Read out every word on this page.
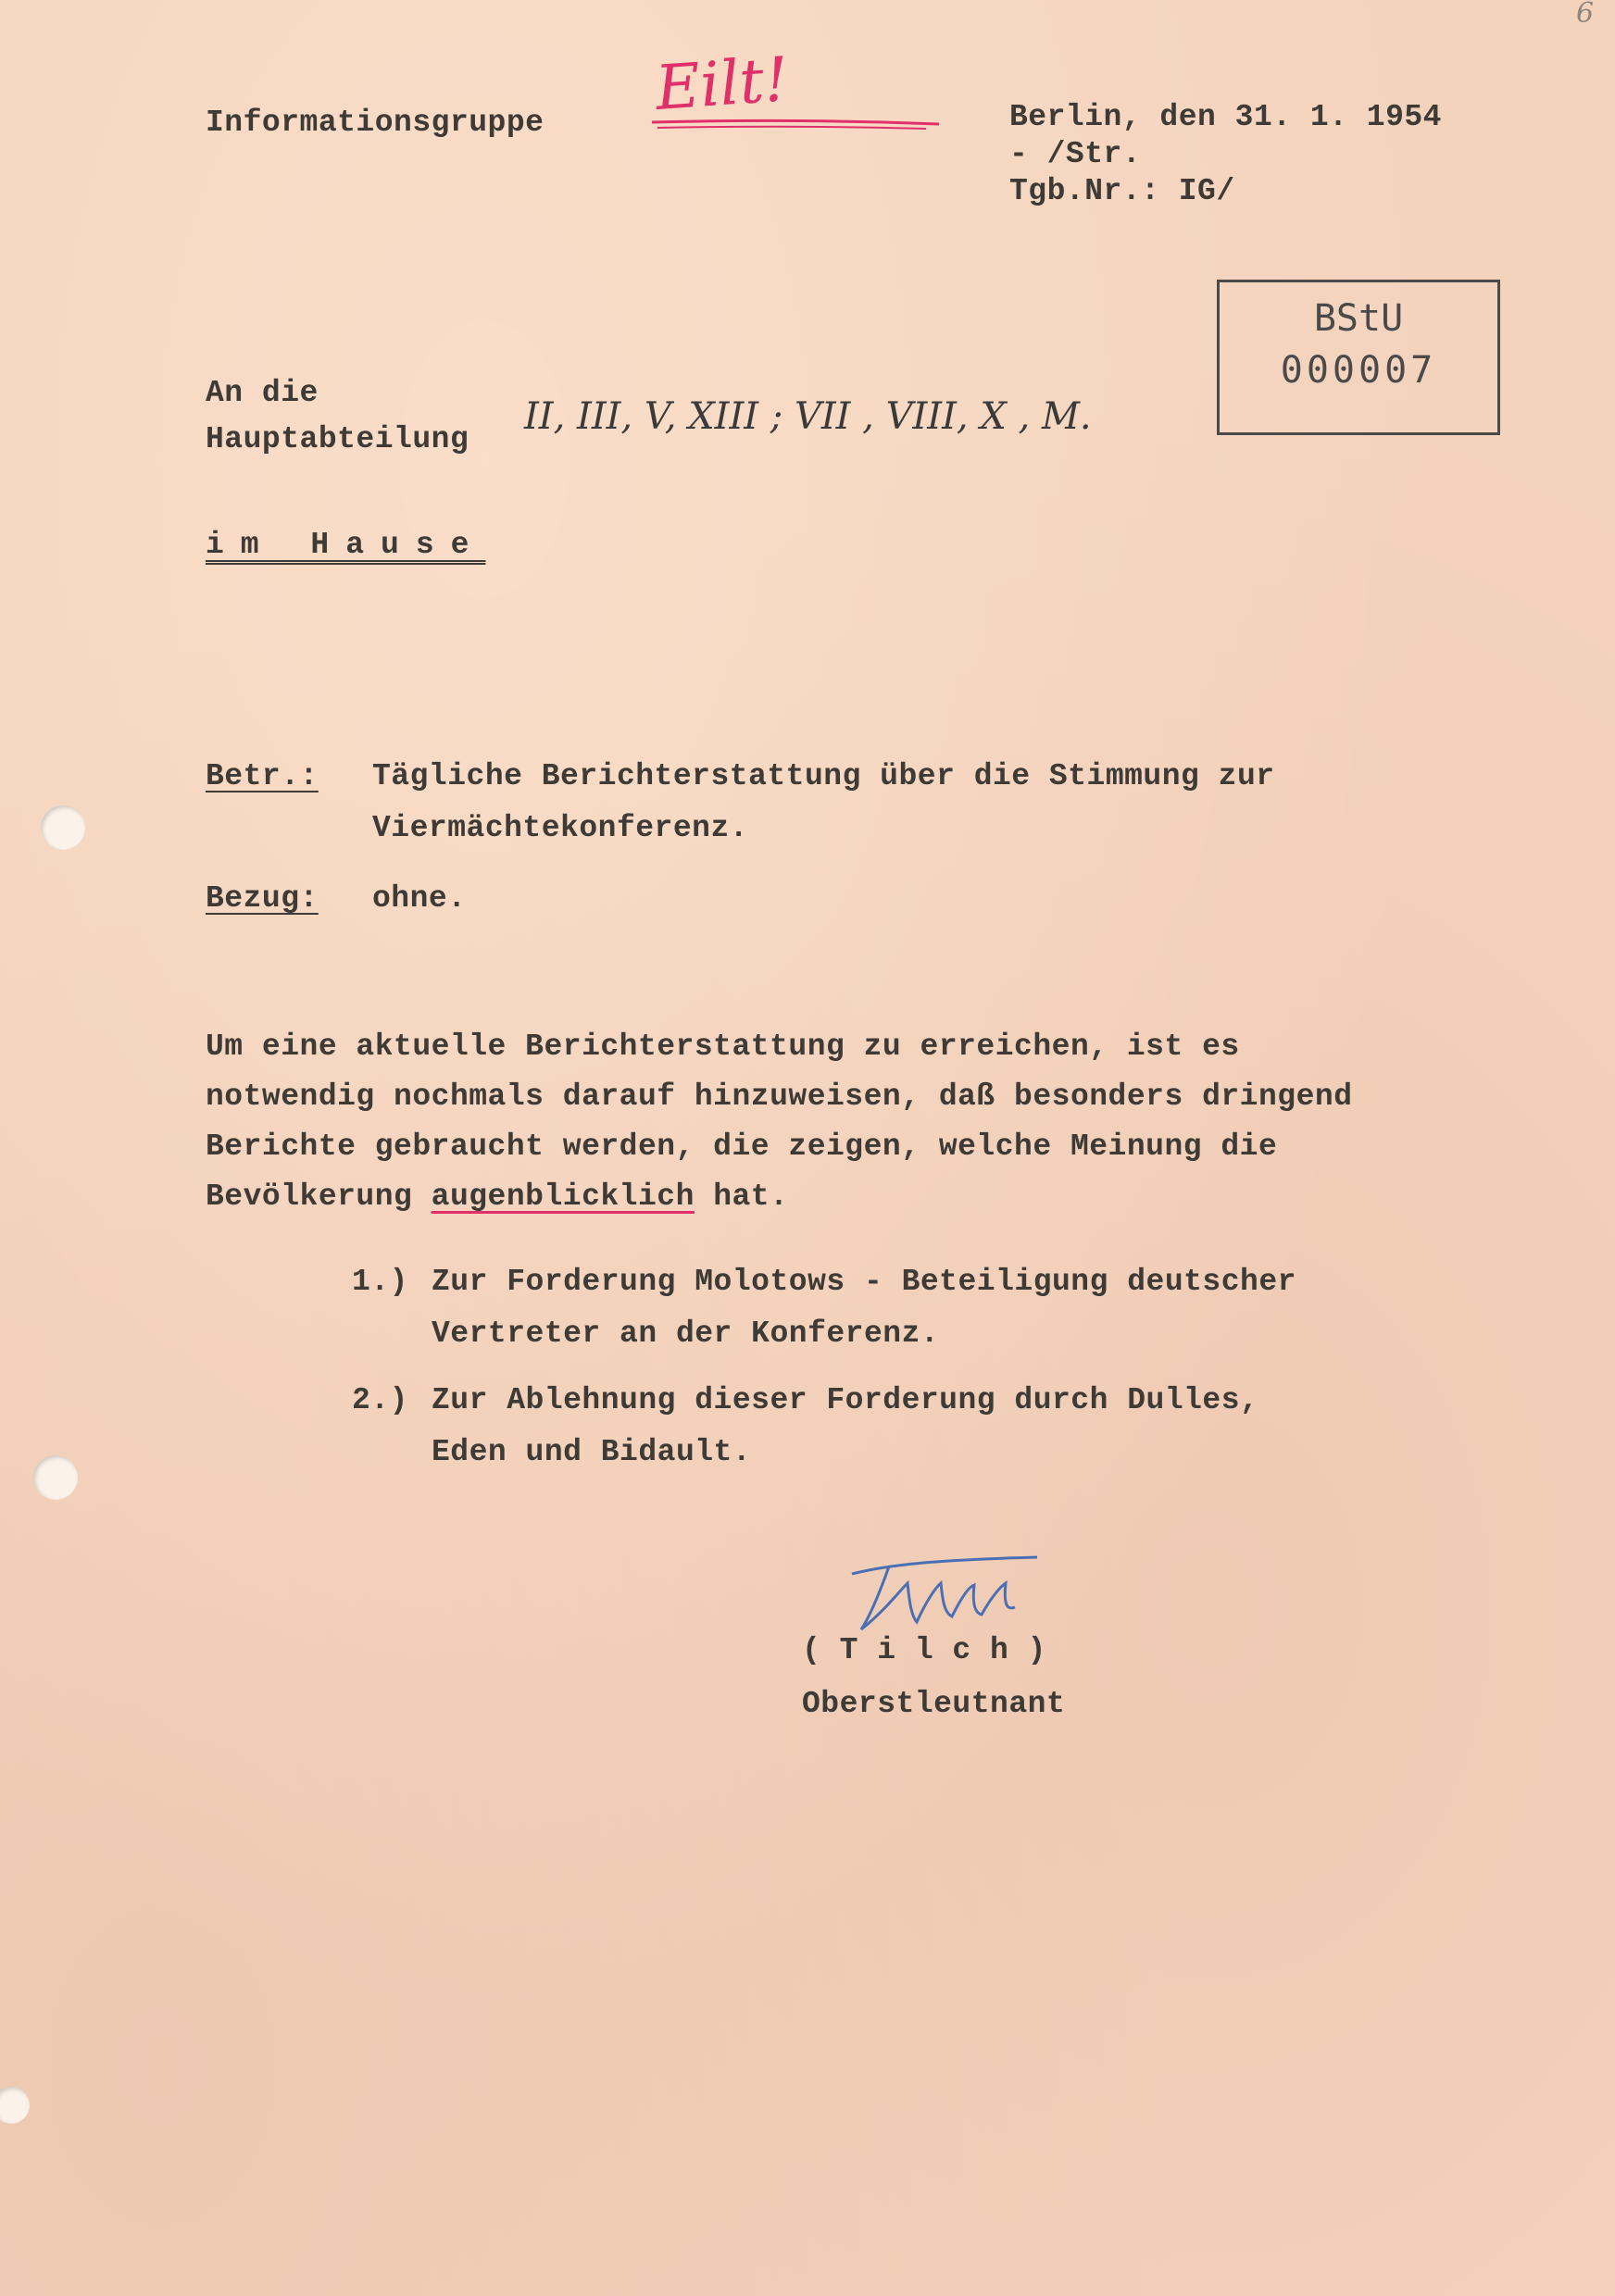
6
Eilt!
Informationsgruppe	Berlin, den 31. 1. 1954
- /Str.
Tgb.Nr.: IG/
BStU
000007
An die
Hauptabteilung
II, III, V, XIII ; VII , VIII, X , M.
im Hause
Betr.: Tägliche Berichterstattung über die Stimmung zur
Viermächtekonferenz.
Bezug: ohne.
Um eine aktuelle Berichterstattung zu erreichen, ist es
notwendig nochmals darauf hinzuweisen, daß besonders dringend
Berichte gebraucht werden, die zeigen, welche Meinung die
Bevölkerung augenblicklich hat.
1.) Zur Forderung Molotows - Beteiligung deutscher
Vertreter an der Konferenz.
2.) Zur Ablehnung dieser Forderung durch Dulles,
Eden und Bidault.
( T i l c h )
Oberstleutnant
